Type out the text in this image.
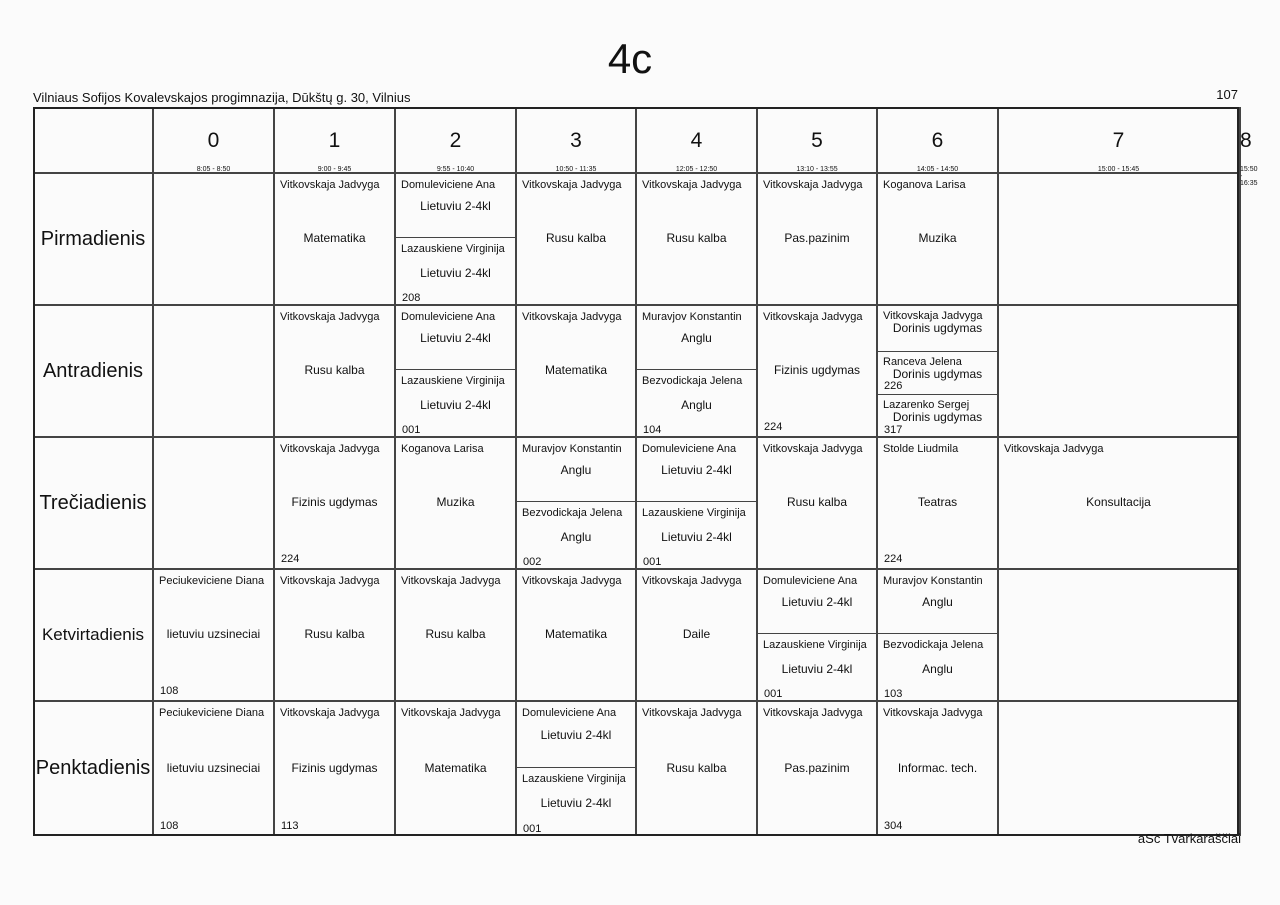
4c
Vilniaus Sofijos Kovalevskajos progimnazija, Dūkštų g. 30, Vilnius	107
0
8:05 - 8:50
1
9:00 - 9:45
2
9:55 - 10:40
3
10:50 - 11:35
4
12:05 - 12:50
5
13:10 - 13:55
6
14:05 - 14:50
7
15:00 - 15:45
8
15:50 - 16:35
Pirmadienis
Vitkovskaja Jadvyga
Matematika
Domuleviciene Ana
Lietuviu 2-4kl
Lazauskiene Virginija
Lietuviu 2-4kl
208
Vitkovskaja Jadvyga
Rusu kalba
Vitkovskaja Jadvyga
Rusu kalba
Vitkovskaja Jadvyga
Pas.pazinim
Koganova Larisa
Muzika
Antradienis
Vitkovskaja Jadvyga
Rusu kalba
Domuleviciene Ana
Lietuviu 2-4kl
Lazauskiene Virginija
Lietuviu 2-4kl
001
Vitkovskaja Jadvyga
Matematika
Muravjov Konstantin
Anglu
Bezvodickaja Jelena
Anglu
104
Vitkovskaja Jadvyga
Fizinis ugdymas
224
Vitkovskaja Jadvyga
Dorinis ugdymas
Ranceva Jelena
Dorinis ugdymas
226
Lazarenko Sergej
Dorinis ugdymas
317
Trečiadienis
Vitkovskaja Jadvyga
Fizinis ugdymas
224
Koganova Larisa
Muzika
Muravjov Konstantin
Anglu
Bezvodickaja Jelena
Anglu
002
Domuleviciene Ana
Lietuviu 2-4kl
Lazauskiene Virginija
Lietuviu 2-4kl
001
Vitkovskaja Jadvyga
Rusu kalba
Stolde Liudmila
Teatras
224
Vitkovskaja Jadvyga
Konsultacija
Ketvirtadienis
Peciukeviciene Diana
lietuviu uzsineciai
108
Vitkovskaja Jadvyga
Rusu kalba
Vitkovskaja Jadvyga
Rusu kalba
Vitkovskaja Jadvyga
Matematika
Vitkovskaja Jadvyga
Daile
Domuleviciene Ana
Lietuviu 2-4kl
Lazauskiene Virginija
Lietuviu 2-4kl
001
Muravjov Konstantin
Anglu
Bezvodickaja Jelena
Anglu
103
Penktadienis
Peciukeviciene Diana
lietuviu uzsineciai
108
Vitkovskaja Jadvyga
Fizinis ugdymas
113
Vitkovskaja Jadvyga
Matematika
Domuleviciene Ana
Lietuviu 2-4kl
Lazauskiene Virginija
Lietuviu 2-4kl
001
Vitkovskaja Jadvyga
Rusu kalba
Vitkovskaja Jadvyga
Pas.pazinim
Vitkovskaja Jadvyga
Informac. tech.
304
aSc Tvarkaraščiai
